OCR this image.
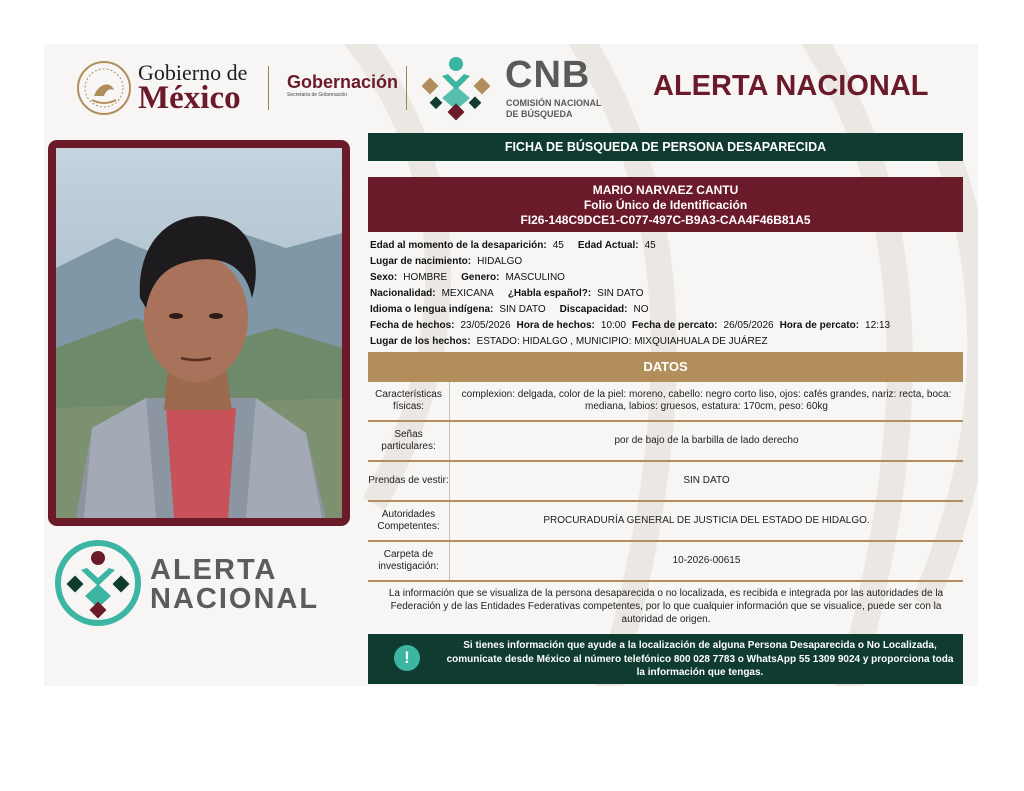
Gobierno de
México	Gobernación
Secretaría de Gobernación	CNB
COMISIÓN NACIONAL
DE BÚSQUEDA
ALERTA NACIONAL
ALERTA
NACIONAL
FICHA DE BÚSQUEDA DE PERSONA DESAPARECIDA
MARIO NARVAEZ CANTU
Folio Único de Identificación
FI26-148C9DCE1-C077-497C-B9A3-CAA4F46B81A5
Edad al momento de la desaparición: 45 Edad Actual: 45
Lugar de nacimiento: HIDALGO
Sexo: HOMBRE Genero: MASCULINO
Nacionalidad: MEXICANA ¿Habla español?: SIN DATO
Idioma o lengua indígena: SIN DATO Discapacidad: NO
Fecha de hechos: 23/05/2026 Hora de hechos: 10:00 Fecha de percato: 26/05/2026 Hora de percato: 12:13
Lugar de los hechos: ESTADO: HIDALGO , MUNICIPIO: MIXQUIAHUALA DE JUÁREZ
DATOS
Características físicas:
complexion: delgada, color de la piel: moreno, cabello: negro corto liso, ojos: cafés grandes, nariz: recta, boca: mediana, labios: gruesos, estatura: 170cm, peso: 60kg
Señas particulares:
por de bajo de la barbilla de lado derecho
Prendas de vestir:	SIN DATO
Autoridades Competentes:
PROCURADURÍA GENERAL DE JUSTICIA DEL ESTADO DE HIDALGO.
Carpeta de investigación:
10-2026-00615
La información que se visualiza de la persona desaparecida o no localizada, es recibida e integrada por las autoridades de la Federación y de las Entidades Federativas competentes, por lo que cualquier información que se visualice, puede ser con la autoridad de origen.
!
Si tienes información que ayude a la localización de alguna Persona Desaparecida o No Localizada, comunícate desde México al número telefónico 800 028 7783 o WhatsApp 55 1309 9024 y proporciona toda la información que tengas.
